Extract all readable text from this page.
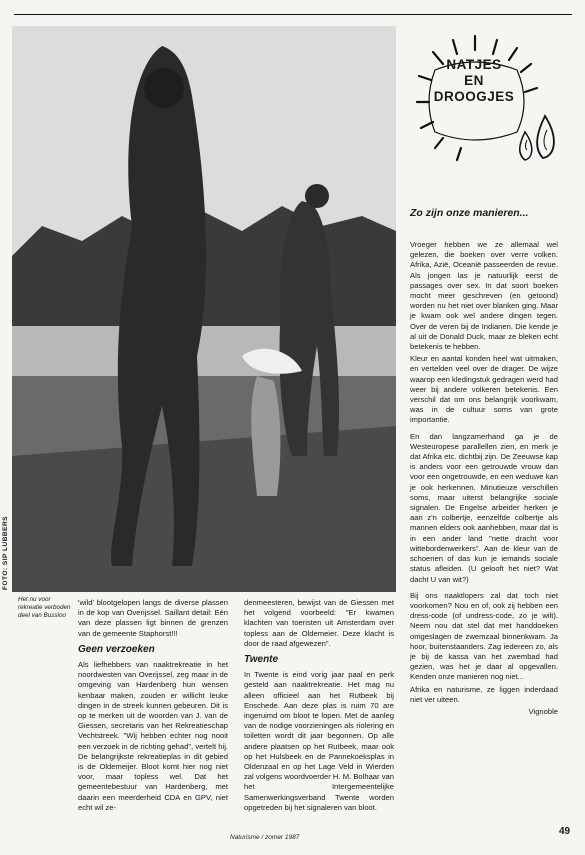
FOTO: SIP LUBBERS
Het nu voor rekreatie verboden deel van Bussloo

'wild' blootgelopen langs de diverse plassen in de kop van Overijssel. Saillant detail: Eén van deze plassen ligt binnen de grenzen van de gemeente Staphorst!!!

Geen verzoeken

Als liefhebbers van naaktrekreatie in het noordwesten van Overijssel, zeg maar in de omgeving van Hardenberg hun wensen kenbaar maken, zouden er willicht leuke dingen in de streek kunnen gebeuren. Dit is op te merken uit de woorden van J. van de Giessen, secretaris van het Rekreatieschap Vechtstreek. "Wij hebben echter nog nooit een verzoek in de richting gehad", vertelt hij. De belangrijkste rekreatieplas in dit gebied is de Oldemeijer. Bloot komt hier nog niet voor, maar topless wel. Dat het gemeentebestuur van Hardenberg, met daarin een meerderheid CDA en GPV, niet echt wil ze-

denmeesteren, bewijst van de Giessen met het volgend voorbeeld: "Er kwamen klachten van toeristen uit Amsterdam over topless aan de Oldemeier. Deze klacht is door de raad afgewezen".

Twente

In Twente is eind vorig jaar paal en perk gesteld aan naaktrekreatie. Het mag nu alleen officieel aan het Rutbeek bij Enschede. Aan deze plas is ruim 70 are ingeruimd om bloot te lopen. Met de aanleg van de nodige voorzieningen als riolering en toiletten wordt dit jaar begonnen. Op alle andere plaatsen op het Rutbeek, maar ook op het Hulsbeek en de Pannekoeksplas in Oldenzaal en op het Lage Veld in Wierden zal volgens woordvoerder H. M. Bolhaar van het Intergemeentelijke Samenwerkingsverband Twente worden opgetreden bij het signaleren van bloot.

NATJES
EN
DROOGJES
Zo zijn onze manieren...

Vroeger hebben we ze allemaal wel gelezen, die boeken over verre volken. Afrika, Azië, Oceanië passeerden de revue. Als jongen las je natuurlijk eerst de passages over sex. In dat soort boeken mocht meer geschreven (en getoond) worden nu het niet over blanken ging. Maar je kwam ook wel andere dingen tegen. Over de veren bij de Indianen. Die kende je al uit de Donald Duck, maar ze bleken echt betekenis te hebben.

Kleur en aantal konden heel wat uitmaken, en vertelden veel over de drager. De wijze waarop een kledingstuk gedragen werd had weer bij andere volkeren betekenis. Een verschil dat om ons belangrijk voorkwam, was in de cultuur soms van grote importantie.

En dan langzamerhand ga je de Westeuropese parallellen zien, en merk je dat Afrika etc. dichtbij zijn. De Zeeuwse kap is anders voor een getrouwde vrouw dan voor een ongetrouwde, en een weduwe kan je ook herkennen. Minutieuze verschillen soms, maar uiterst belangrijke sociale signalen. De Engelse arbeider herken je aan z'n colbertje, eenzelfde colbertje als mannen elders ook aanhebben, maar dat is in een ander land "nette dracht voor wittebordenwerkers". Aan de kleur van de schoenen of das kun je iemands sociale status afleiden. (U gelooft het niet? Wat dacht U van wit?)

Bij ons naaktlopers zal dat toch niet voorkomen? Nou en of, ook zij hebben een dress-code (of undress-code, zo je wilt). Neem nou dat stel dat met handdoeken omgeslagen de zwemzaal binnenkwam. Ja hoor, buitenstaanders. Zag iedereen zo, als je bij de kassa van het zwembad had gezien, was het je daar al opgevallen. Kenden onze manieren nog niet...

Afrika en naturisme, ze liggen inderdaad niet ver uiteen.

Vignoble

Naturisme / zomer 1987
49
